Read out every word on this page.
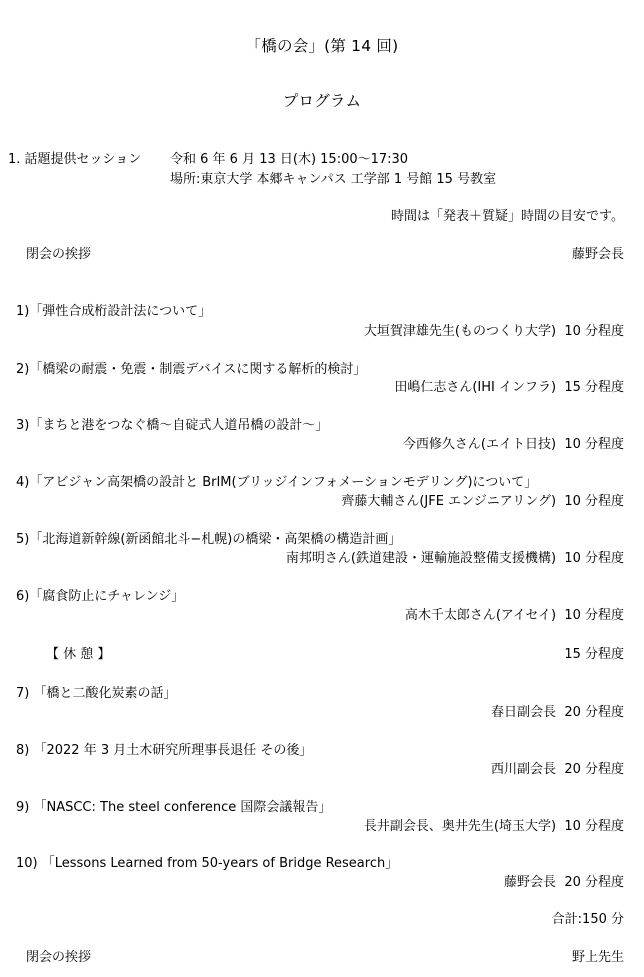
「橋の会」(第 14 回)
プログラム
1. 話題提供セッション 令和 6 年 6 月 13 日(木) 15:00～17:30
場所:東京大学 本郷キャンパス 工学部 1 号館 15 号教室
時間は「発表＋質疑」時間の目安です。
閉会の挨拶	藤野会長
1)「弾性合成桁設計法について」
大垣賀津雄先生(ものつくり大学) 10 分程度
2)「橋梁の耐震・免震・制震デバイスに関する解析的検討」
田嶋仁志さん(IHI インフラ) 15 分程度
3)「まちと港をつなぐ橋～自碇式人道吊橋の設計～」
今西修久さん(エイト日技) 10 分程度
4)「アビジャン高架橋の設計と BrIM(ブリッジインフォメーションモデリング)について」
齊藤大輔さん(JFE エンジニアリング) 10 分程度
5)「北海道新幹線(新函館北斗−札幌)の橋梁・高架橋の構造計画」
南邦明さん(鉄道建設・運輸施設整備支援機構) 10 分程度
6)「腐食防止にチャレンジ」
高木千太郎さん(アイセイ) 10 分程度
【 休 憩 】	15 分程度
7) 「橋と二酸化炭素の話」
春日副会長 20 分程度
8) 「2022 年 3 月土木研究所理事長退任 その後」
西川副会長 20 分程度
9) 「NASCC: The steel conference 国際会議報告」
長井副会長、奥井先生(埼玉大学) 10 分程度
10) 「Lessons Learned from 50-years of Bridge Research」
藤野会長 20 分程度
合計:150 分
閉会の挨拶	野上先生
